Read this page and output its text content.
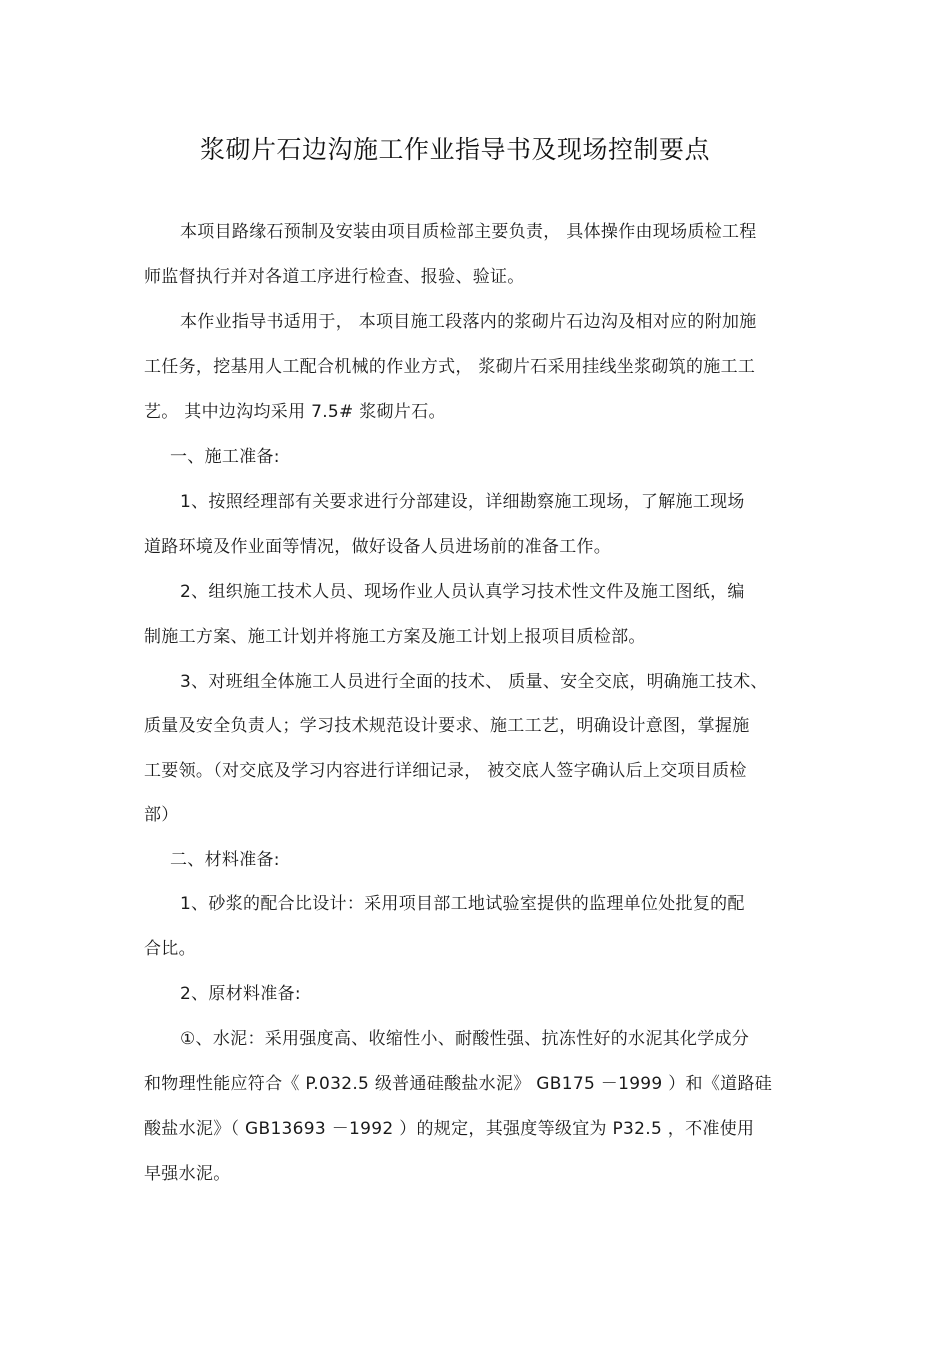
浆砌片石边沟施工作业指导书及现场控制要点
本项目路缘石预制及安装由项目质检部主要负责， 具体操作由现场质检工程
师监督执行并对各道工序进行检查、报验、验证。
本作业指导书适用于， 本项目施工段落内的浆砌片石边沟及相对应的附加施
工任务，挖基用人工配合机械的作业方式， 浆砌片石采用挂线坐浆砌筑的施工工
艺。 其中边沟均采用 7.5# 浆砌片石。
一、施工准备:
1、按照经理部有关要求进行分部建设，详细勘察施工现场，了解施工现场
道路环境及作业面等情况，做好设备人员进场前的准备工作。
2、组织施工技术人员、现场作业人员认真学习技术性文件及施工图纸，编
制施工方案、施工计划并将施工方案及施工计划上报项目质检部。
3、对班组全体施工人员进行全面的技术、 质量、安全交底，明确施工技术、
质量及安全负责人；学习技术规范设计要求、施工工艺，明确设计意图，掌握施
工要领。（对交底及学习内容进行详细记录， 被交底人签字确认后上交项目质检
部）
二、材料准备:
1、砂浆的配合比设计：采用项目部工地试验室提供的监理单位处批复的配
合比。
2、原材料准备:
①、水泥：采用强度高、收缩性小、耐酸性强、抗冻性好的水泥其化学成分
和物理性能应符合《 P.032.5 级普通硅酸盐水泥》 GB175 －1999 ）和《道路硅
酸盐水泥》（ GB13693 －1992 ）的规定，其强度等级宜为 P32.5 ，不准使用
早强水泥。
